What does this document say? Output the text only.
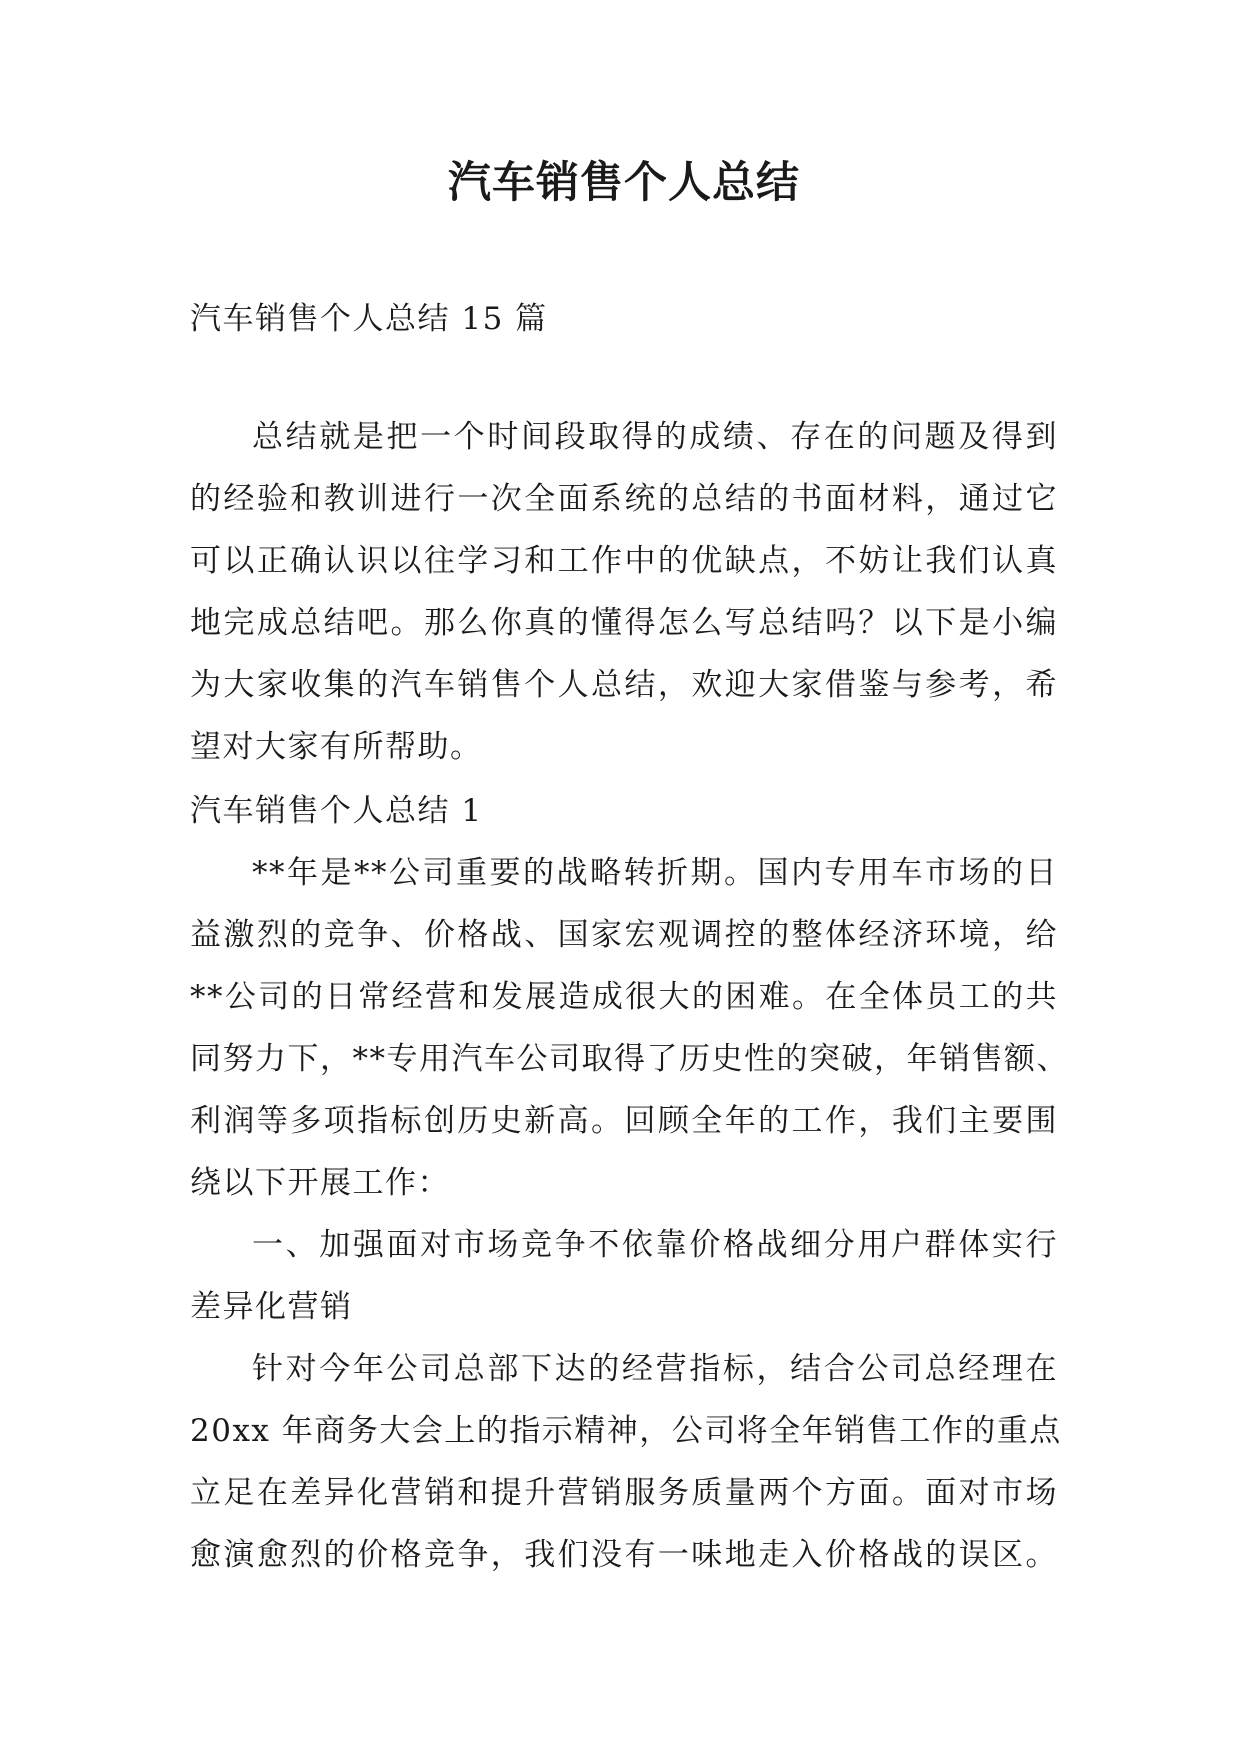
汽车销售个人总结

汽车销售个人总结 15 篇

总结就是把一个时间段取得的成绩、存在的问题及得到
的经验和教训进行一次全面系统的总结的书面材料，通过它
可以正确认识以往学习和工作中的优缺点，不妨让我们认真
地完成总结吧。那么你真的懂得怎么写总结吗？以下是小编
为大家收集的汽车销售个人总结，欢迎大家借鉴与参考，希
望对大家有所帮助。

汽车销售个人总结 1

**年是**公司重要的战略转折期。国内专用车市场的日
益激烈的竞争、价格战、国家宏观调控的整体经济环境，给
**公司的日常经营和发展造成很大的困难。在全体员工的共
同努力下，**专用汽车公司取得了历史性的突破，年销售额、
利润等多项指标创历史新高。回顾全年的工作，我们主要围
绕以下开展工作：
一、加强面对市场竞争不依靠价格战细分用户群体实行
差异化营销
针对今年公司总部下达的经营指标，结合公司总经理在
20xx 年商务大会上的指示精神，公司将全年销售工作的重点
立足在差异化营销和提升营销服务质量两个方面。面对市场
愈演愈烈的价格竞争，我们没有一味地走入价格战的误区。
